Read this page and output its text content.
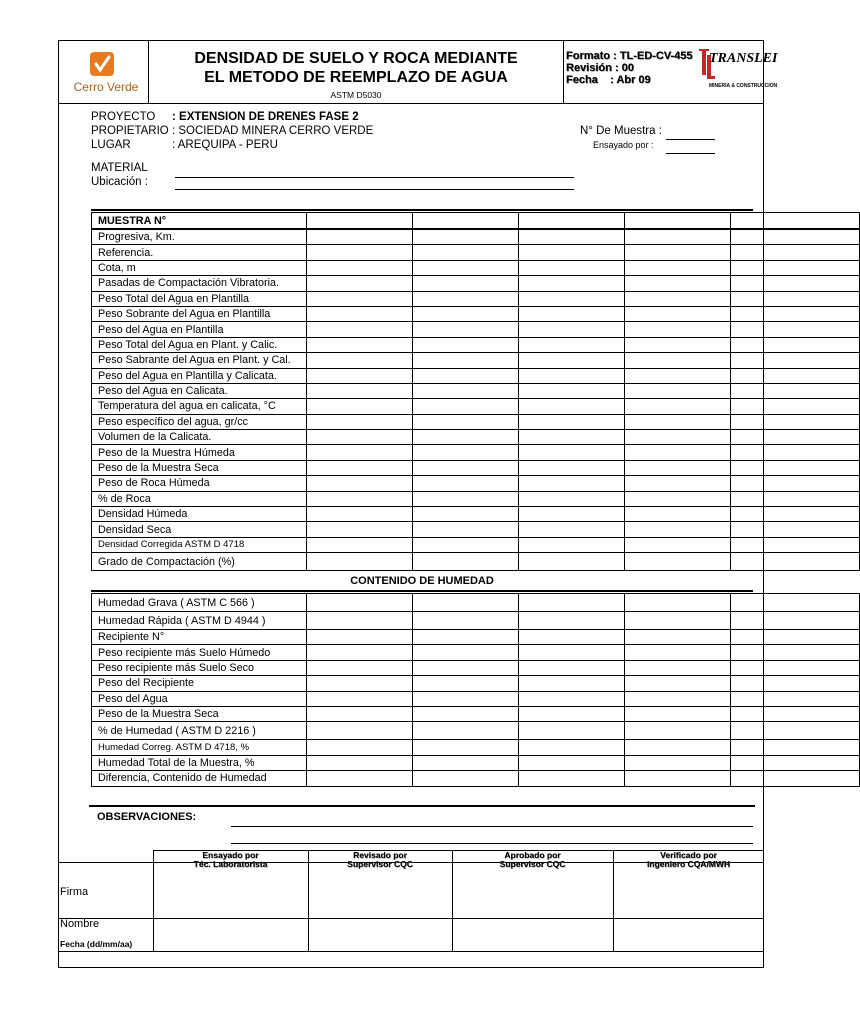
Cerro Verde
DENSIDAD DE SUELO Y ROCA MEDIANTE
EL METODO DE REEMPLAZO DE AGUA
ASTM D5030
Formato : TL-ED-CV-455
Revisión : 00
Fecha    : Abr 09
TRANSLEI
MINERIA & CONSTRUCCION
PROYECTO : EXTENSION DE DRENES FASE 2
PROPIETARIO : SOCIEDAD MINERA CERRO VERDE
LUGAR	: AREQUIPA - PERU
N° De Muestra :
Ensayado por :
MATERIAL
Ubicación :
MUESTRA N°					
Progresiva, Km.					
Referencia.					
Cota, m					
Pasadas de Compactación Vibratoria.					
Peso Total del Agua en Plantilla					
Peso Sobrante del Agua en Plantilla					
Peso del Agua en Plantilla					
Peso Total del Agua en Plant. y Calic.					
Peso Sabrante del Agua en Plant. y Cal.					
Peso del Agua en Plantilla y Calicata.					
Peso del Agua en Calicata.					
Temperatura del agua en calicata, °C					
Peso específico del agua, gr/cc					
Volumen de la Calicata.					
Peso de la Muestra Húmeda					
Peso de la Muestra Seca					
Peso de Roca Húmeda					
% de Roca					
Densidad Húmeda					
Densidad Seca					
Densidad Corregida ASTM D 4718					
Grado de Compactación (%)					
CONTENIDO DE HUMEDAD
Humedad Grava ( ASTM C 566 )					
Humedad Rápida ( ASTM D 4944 )					
Recipiente N°					
Peso recipiente más Suelo Húmedo					
Peso recipiente más Suelo Seco					
Peso del Recipiente					
Peso del Agua					
Peso de la Muestra Seca					
% de Humedad ( ASTM D 2216 )					
Humedad Correg. ASTM D 4718, %					
Humedad Total de la Muestra, %					
Diferencia, Contenido de Humedad					
OBSERVACIONES:
Ensayado por
Téc. Laboratorista
Revisado por
Supervisor CQC
Aprobado por
Supervisor CQC
Verificado por
Ingeniero CQA/MWH
Firma
Nombre
Fecha (dd/mm/aa)
